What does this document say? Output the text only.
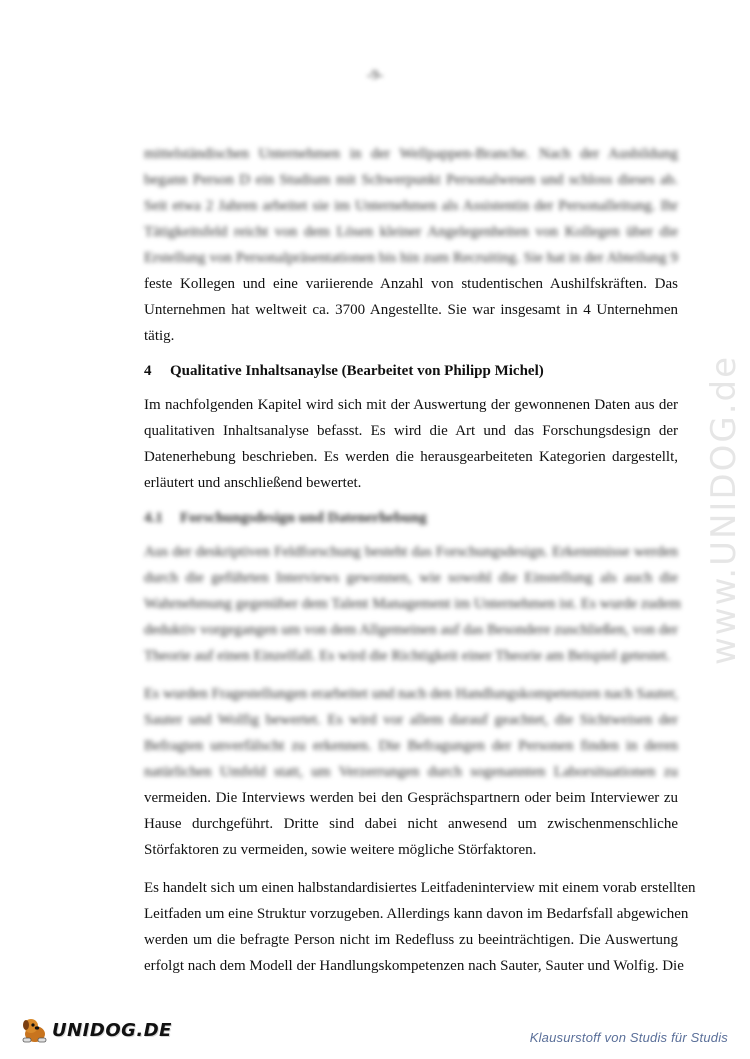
-9-
www.UNIDOG.de

mittelständischen Unternehmen in der Wellpappen-Branche. Nach der Ausbildung
begann Person D ein Studium mit Schwerpunkt Personalwesen und schloss dieses ab.
Seit etwa 2 Jahren arbeitet sie im Unternehmen als Assistentin der Personalleitung. Ihr
Tätigkeitsfeld reicht von dem Lösen kleiner Angelegenheiten von Kollegen über die
Erstellung von Personalpräsentationen bis hin zum Recruiting. Sie hat in der Abteilung 9
feste Kollegen und eine variierende Anzahl von studentischen Aushilfskräften. Das
Unternehmen hat weltweit ca. 3700 Angestellte. Sie war insgesamt in 4 Unternehmen
tätig.

4	Qualitative Inhaltsanaylse (Bearbeitet von Philipp Michel)

Im nachfolgenden Kapitel wird sich mit der Auswertung der gewonnenen Daten aus der
qualitativen Inhaltsanalyse befasst. Es wird die Art und das Forschungsdesign der
Datenerhebung beschrieben. Es werden die herausgearbeiteten Kategorien dargestellt,
erläutert und anschließend bewertet.

4.1	Forschungsdesign und Datenerhebung

Aus der deskriptiven Feldforschung besteht das Forschungsdesign. Erkenntnisse werden
durch die geführten Interviews gewonnen, wie sowohl die Einstellung als auch die
Wahrnehmung gegenüber dem Talent Management im Unternehmen ist. Es wurde zudem
deduktiv vorgegangen um von dem Allgemeinen auf das Besondere zuschließen, von der
Theorie auf einen Einzelfall. Es wird die Richtigkeit einer Theorie am Beispiel getestet.

Es wurden Fragestellungen erarbeitet und nach den Handlungskompetenzen nach Sauter,
Sauter und Wolfig bewertet. Es wird vor allem darauf geachtet, die Sichtweisen der
Befragten unverfälscht zu erkennen. Die Befragungen der Personen finden in deren
natürlichen Umfeld statt, um Verzerrungen durch sogenannten Laborsituationen zu
vermeiden. Die Interviews werden bei den Gesprächspartnern oder beim Interviewer zu
Hause durchgeführt. Dritte sind dabei nicht anwesend um zwischenmenschliche
Störfaktoren zu vermeiden, sowie weitere mögliche Störfaktoren.

Es handelt sich um einen halbstandardisiertes Leitfadeninterview mit einem vorab erstellten
Leitfaden um eine Struktur vorzugeben. Allerdings kann davon im Bedarfsfall abgewichen
werden um die befragte Person nicht im Redefluss zu beeinträchtigen. Die Auswertung
erfolgt nach dem Modell der Handlungskompetenzen nach Sauter, Sauter und Wolfig. Die

UNIDOG.DE	Klausurstoff von Studis für Studis
